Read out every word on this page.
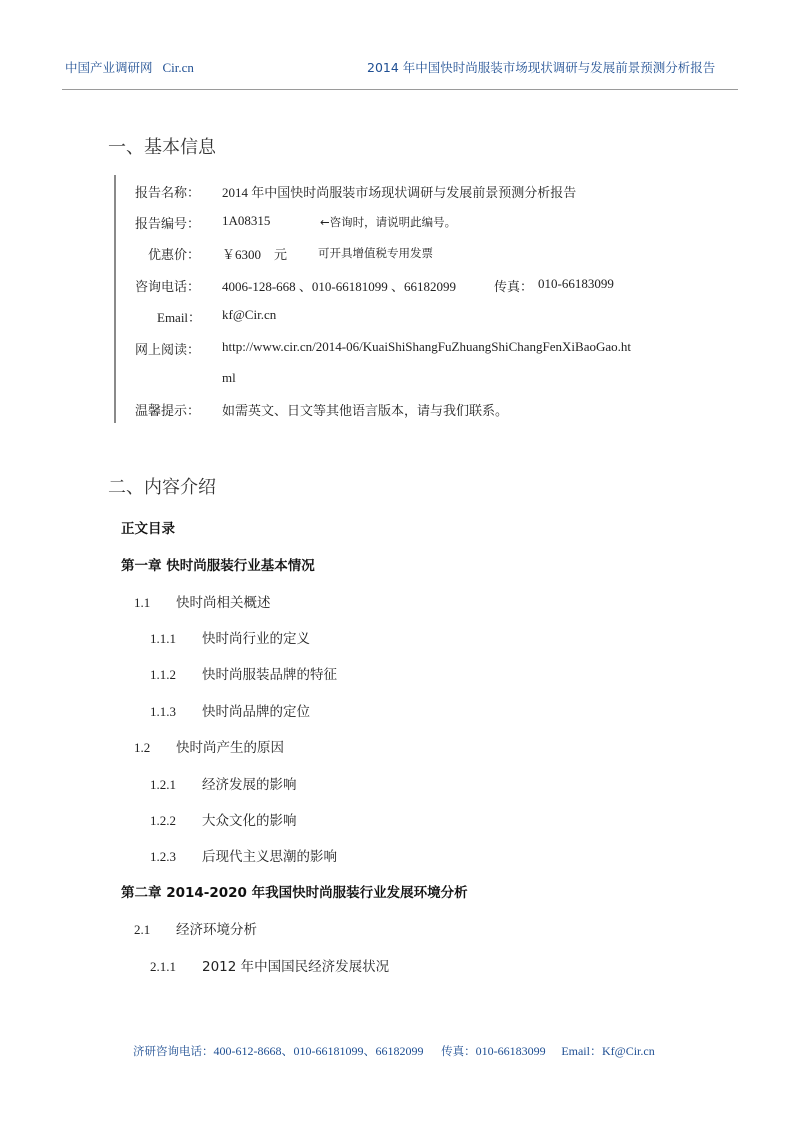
中国产业调研网 Cir.cn	2014 年中国快时尚服装市场现状调研与发展前景预测分析报告
一、基本信息
报告名称： 2014 年中国快时尚服装市场现状调研与发展前景预测分析报告
报告编号： 1A08315	←咨询时，请说明此编号。
优惠价： ￥6300　元	可开具增值税专用发票
咨询电话： 4006-128-668 、010-66181099 、66182099	传真： 010-66183099
Email： kf@Cir.cn
网上阅读： http://www.cir.cn/2014-06/KuaiShiShangFuZhuangShiChangFenXiBaoGao.ht
ml
温馨提示： 如需英文、日文等其他语言版本，请与我们联系。
二、内容介绍
正文目录
第一章 快时尚服装行业基本情况
1.1 快时尚相关概述
1.1.1 快时尚行业的定义
1.1.2 快时尚服装品牌的特征
1.1.3 快时尚品牌的定位
1.2 快时尚产生的原因
1.2.1 经济发展的影响
1.2.2 大众文化的影响
1.2.3 后现代主义思潮的影响
第二章 2014-2020 年我国快时尚服装行业发展环境分析
2.1 经济环境分析
2.1.1 2012 年中国国民经济发展状况
济研咨询电话：400-612-8668、010-66181099、66182099 传真：010-66183099 Email：Kf@Cir.cn
